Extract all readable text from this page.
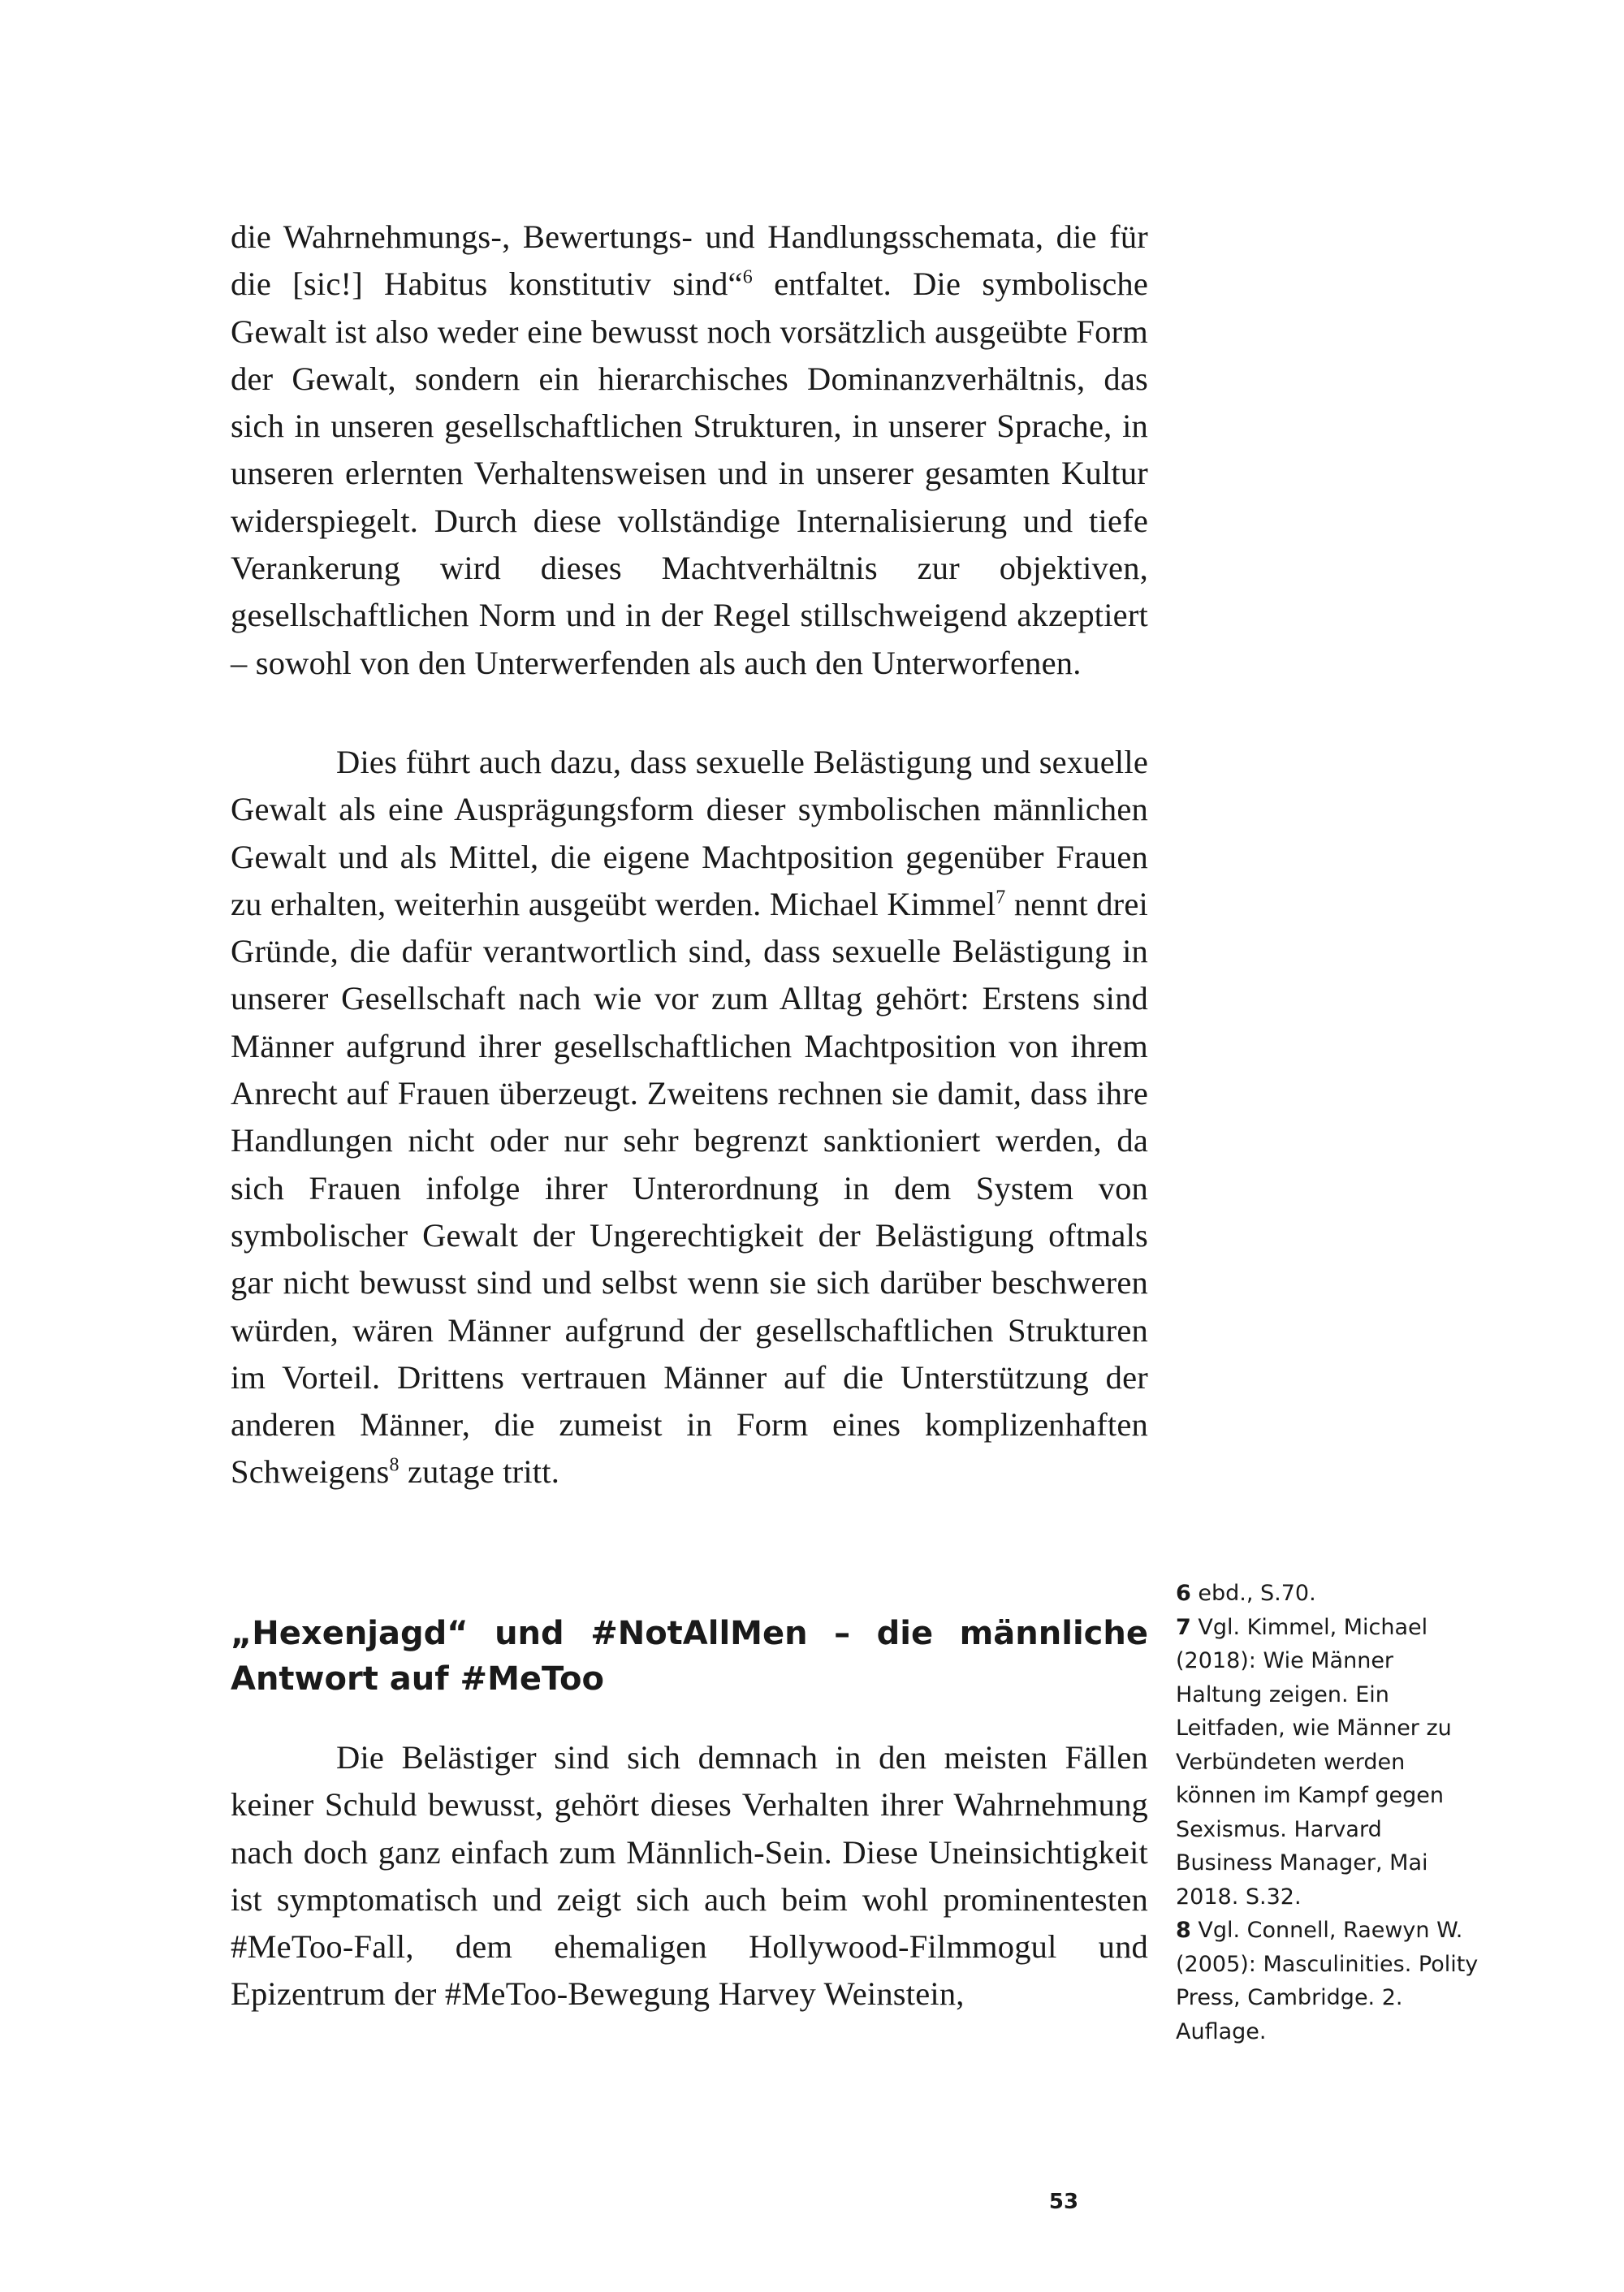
die Wahrnehmungs-, Bewertungs- und Handlungsschemata, die für die [sic!] Habitus konstitutiv sind“$^6$ entfaltet. Die symbolische Gewalt ist also weder eine bewusst noch vorsätzlich ausgeübte Form der Gewalt, sondern ein hierarchisches Dominanzverhältnis, das sich in unseren gesellschaftlichen Strukturen, in unserer Sprache, in unseren erlernten Verhaltensweisen und in unserer gesamten Kultur widerspiegelt. Durch diese vollständige Internalisierung und tiefe Verankerung wird dieses Machtverhältnis zur objektiven, gesellschaftlichen Norm und in der Regel stillschweigend akzeptiert – sowohl von den Unterwerfenden als auch den Unterworfenen.

Dies führt auch dazu, dass sexuelle Belästigung und sexuelle Gewalt als eine Ausprägungsform dieser symbolischen männlichen Gewalt und als Mittel, die eigene Machtposition gegenüber Frauen zu erhalten, weiterhin ausgeübt werden. Michael Kimmel$^7$ nennt drei Gründe, die dafür verantwortlich sind, dass sexuelle Belästigung in unserer Gesellschaft nach wie vor zum Alltag gehört: Erstens sind Männer aufgrund ihrer gesellschaftlichen Machtposition von ihrem Anrecht auf Frauen überzeugt. Zweitens rechnen sie damit, dass ihre Handlungen nicht oder nur sehr begrenzt sanktioniert werden, da sich Frauen infolge ihrer Unterordnung in dem System von symbolischer Gewalt der Ungerechtigkeit der Belästigung oftmals gar nicht bewusst sind und selbst wenn sie sich darüber beschweren würden, wären Männer aufgrund der gesellschaftlichen Strukturen im Vorteil. Drittens vertrauen Männer auf die Unterstützung der anderen Männer, die zumeist in Form eines komplizenhaften Schweigens$^8$ zutage tritt.

„Hexenjagd“ und #NotAllMen – die männliche Antwort auf #MeToo

Die Belästiger sind sich demnach in den meisten Fällen keiner Schuld bewusst, gehört dieses Verhalten ihrer Wahrnehmung nach doch ganz einfach zum Männlich-Sein. Diese Uneinsichtigkeit ist symptomatisch und zeigt sich auch beim wohl prominentesten #MeToo-Fall, dem ehemaligen Hollywood-Filmmogul und Epizentrum der #MeToo-Bewegung Harvey Weinstein,

6 ebd., S.70.
7 Vgl. Kimmel, Michael (2018): Wie Männer Haltung zeigen. Ein Leitfaden, wie Männer zu Verbündeten werden können im Kampf gegen Sexismus. Harvard Business Manager, Mai 2018. S.32.
8 Vgl. Connell, Raewyn W. (2005): Masculinities. Polity Press, Cambridge. 2. Auflage.
53
